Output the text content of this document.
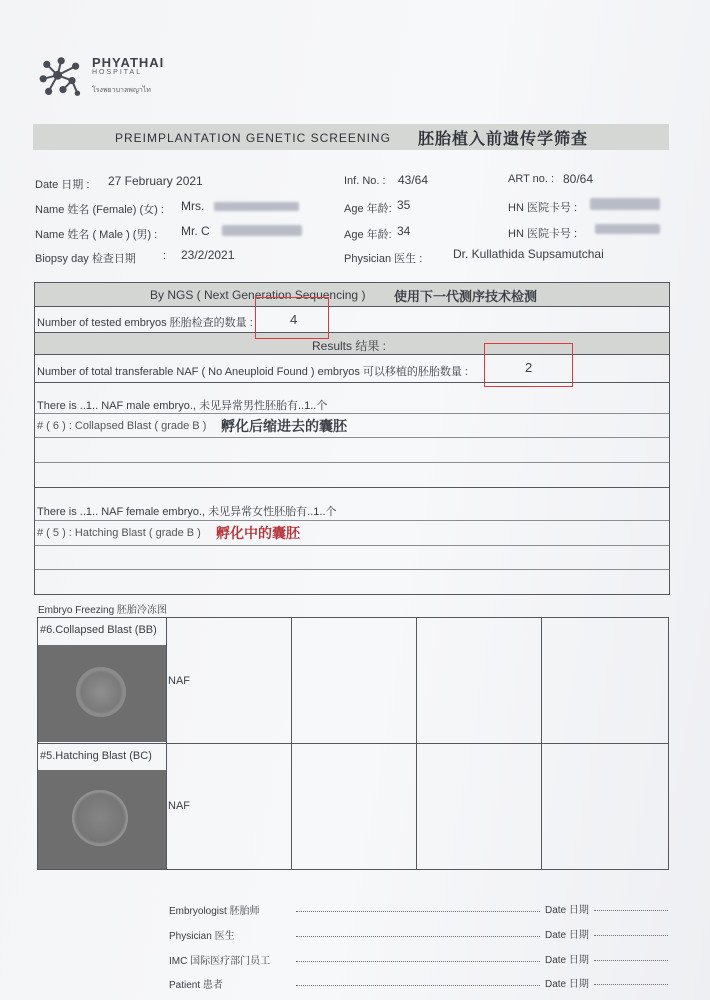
PHYATHAI
HOSPITAL
โรงพยาบาลพญาไท
PREIMPLANTATION GENETIC SCREENING 胚胎植入前遗传学筛查
Date 日期 : 27 February 2021	Inf. No. : 43/64	ART no. : 80/64
Name 姓名 (Female) (女) : Mrs.	Age 年龄: 35	HN 医院卡号 :
Name 姓名 ( Male ) (男) : Mr. C	Age 年龄: 34	HN 医院卡号 :
Biopsy day 检查日期 : 23/2/2021	Physician 医生 :	Dr. Kullathida Supsamutchai
By NGS ( Next Generation Sequencing ) 使用下一代测序技术检测
Number of tested embryos 胚胎检查的数量 :	4
Results 结果 :
Number of total transferable NAF ( No Aneuploid Found ) embryos 可以移植的胚胎数量 :	2
There is ..1.. NAF male embryo., 未见异常男性胚胎有..1..个
# ( 6 ) : Collapsed Blast ( grade B ) 孵化后缩进去的囊胚
There is ..1.. NAF female embryo., 未见异常女性胚胎有..1..个
# ( 5 ) : Hatching Blast ( grade B ) 孵化中的囊胚
Embryo Freezing 胚胎冷冻图
#6.Collapsed Blast (BB)
NAF
#5.Hatching Blast (BC)
NAF
Embryologist 胚胎师	Date 日期
Physician 医生	Date 日期
IMC 国际医疗部门员工	Date 日期
Patient 患者	Date 日期
